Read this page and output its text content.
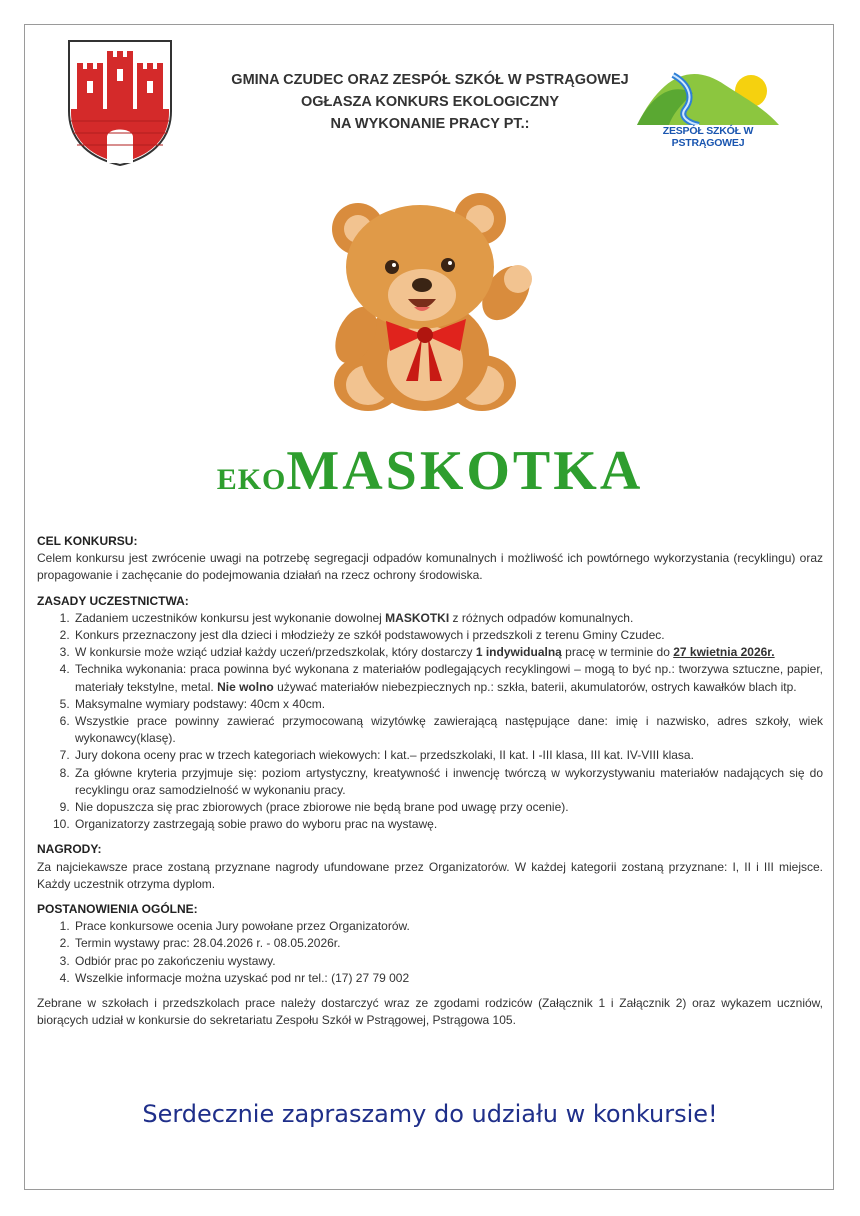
GMINA CZUDEC ORAZ ZESPÓŁ SZKÓŁ W PSTRĄGOWEJ
OGŁASZA KONKURS EKOLOGICZNY
NA WYKONANIE PRACY PT.:	ZESPÓŁ SZKÓŁ W PSTRĄGOWEJ
EKOMASKOTKA

CEL KONKURSU:

Celem konkursu jest zwrócenie uwagi na potrzebę segregacji odpadów komunalnych i możliwość ich powtórnego wykorzystania (recyklingu) oraz propagowanie i zachęcanie do podejmowania działań na rzecz ochrony środowiska.

ZASADY UCZESTNICTWA:

1. Zadaniem uczestników konkursu jest wykonanie dowolnej MASKOTKI z różnych odpadów komunalnych.
2. Konkurs przeznaczony jest dla dzieci i młodzieży ze szkół podstawowych i przedszkoli z terenu Gminy Czudec.
3. W konkursie może wziąć udział każdy uczeń/przedszkolak, który dostarczy 1 indywidualną pracę w terminie do 27 kwietnia 2026r.
4. Technika wykonania: praca powinna być wykonana z materiałów podlegających recyklingowi – mogą to być np.: tworzywa sztuczne, papier, materiały tekstylne, metal. Nie wolno używać materiałów niebezpiecznych np.: szkła, baterii, akumulatorów, ostrych kawałków blach itp.
5. Maksymalne wymiary podstawy: 40cm x 40cm.
6. Wszystkie prace powinny zawierać przymocowaną wizytówkę zawierającą następujące dane: imię i nazwisko, adres szkoły, wiek wykonawcy(klasę).
7. Jury dokona oceny prac w trzech kategoriach wiekowych: I kat.– przedszkolaki, II kat. I -III klasa, III kat. IV-VIII klasa.
8. Za główne kryteria przyjmuje się: poziom artystyczny, kreatywność i inwencję twórczą w wykorzystywaniu materiałów nadających się do recyklingu oraz samodzielność w wykonaniu pracy.
9. Nie dopuszcza się prac zbiorowych (prace zbiorowe nie będą brane pod uwagę przy ocenie).
10. Organizatorzy zastrzegają sobie prawo do wyboru prac na wystawę.

NAGRODY:

Za najciekawsze prace zostaną przyznane nagrody ufundowane przez Organizatorów. W każdej kategorii zostaną przyznane: I, II i III miejsce. Każdy uczestnik otrzyma dyplom.

POSTANOWIENIA OGÓLNE:

1. Prace konkursowe ocenia Jury powołane przez Organizatorów.
2. Termin wystawy prac: 28.04.2026 r. - 08.05.2026r.
3. Odbiór prac po zakończeniu wystawy.
4. Wszelkie informacje można uzyskać pod nr tel.: (17) 27 79 002

Zebrane w szkołach i przedszkolach prace należy dostarczyć wraz ze zgodami rodziców (Załącznik 1 i Załącznik 2) oraz wykazem uczniów, biorących udział w konkursie do sekretariatu Zespołu Szkół w Pstrągowej, Pstrągowa 105.

Serdecznie zapraszamy do udziału w konkursie!
